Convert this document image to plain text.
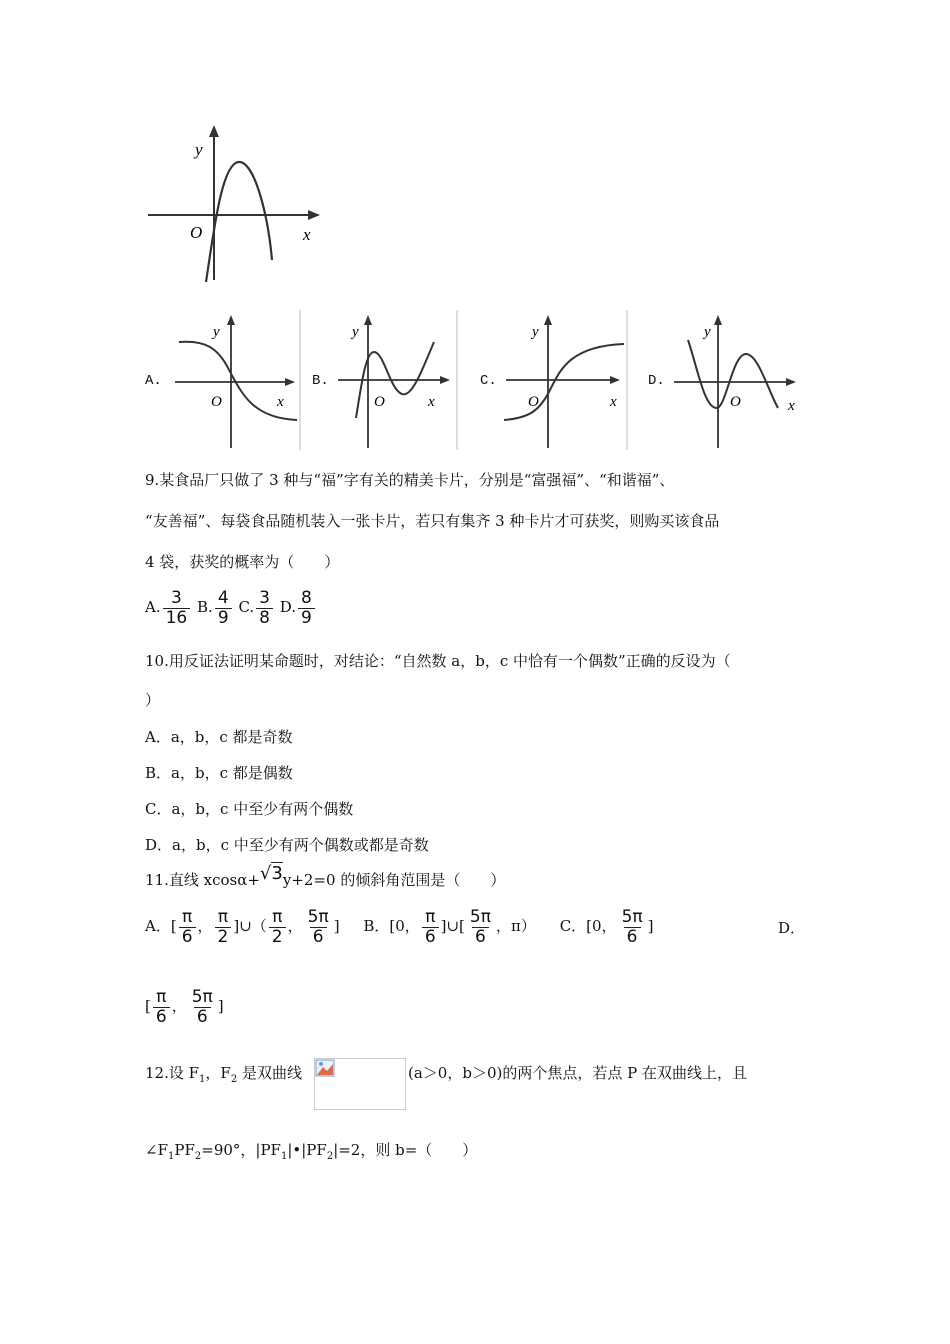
y
x
O
A.
y
x
O
B.
y
x
O
C.
y
x
O
D.
y
x
O
9.某食品厂只做了 3 种与“福”字有关的精美卡片，分别是“富强福”、“和谐福”、
“友善福”、每袋食品随机装入一张卡片，若只有集齐 3 种卡片才可获奖，则购买该食品
4 袋，获奖的概率为（　　）
A. $\frac{3}{16} B$. $\frac{4}{9} C$. $\frac{3}{8} D$. $\frac{8}{9}$
10.用反证法证明某命题时，对结论：“自然数 a，b，c 中恰有一个偶数”正确的反设为（
）
A．a，b，c 都是奇数
B．a，b，c 都是偶数
C．a，b，c 中至少有两个偶数
D．a，b，c 中至少有两个偶数或都是奇数
11.直线 xcosα+√3y+2=0 的倾斜角范围是（　　）
A．[ $\frac{\pi}{6}$ ， $\frac{\pi}{2}$ ]∪（ $\frac{\pi}{2}$ ， $\frac{5\pi}{6}$ ] B．[0， $\frac{\pi}{6}$ ]∪[ $\frac{5\pi}{6}$ ，π） C．[0， $\frac{5\pi}{6}$ ]	D．
[ $\frac{\pi}{6}$ ， $\frac{5\pi}{6}$ ]
12.设 $F_1$，$F_2$ 是双曲线	(a＞0，b＞0)的两个焦点，若点 P 在双曲线上，且
$\angle F_1PF_2=90^\circ$，$|PF_1|•|PF_2|=2$，则 b=（　　）
